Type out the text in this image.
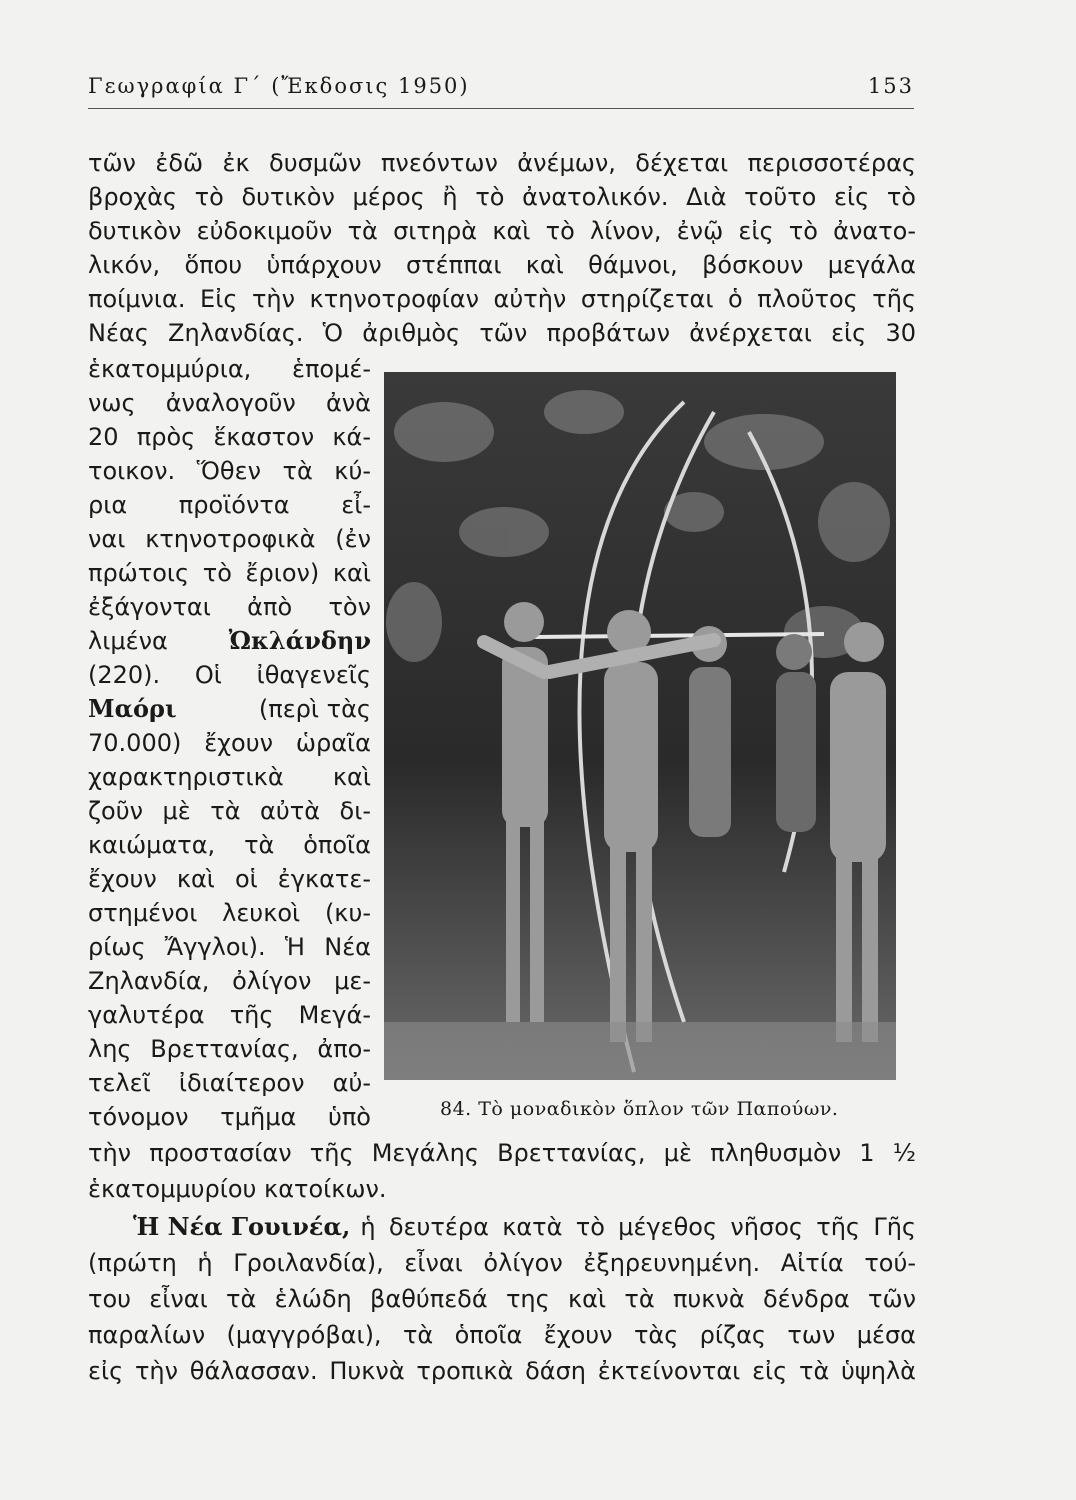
Γεωγραφία Γ΄ (Ἔκδοσις 1950)	153
τῶν ἐδῶ ἐκ δυσμῶν πνεόντων ἀνέμων, δέχεται περισσοτέρας
βροχὰς τὸ δυτικὸν μέρος ἢ τὸ ἀνατολικόν. Διὰ τοῦτο εἰς τὸ
δυτικὸν εὐδοκιμοῦν τὰ σιτηρὰ καὶ τὸ λίνον, ἐνῷ εἰς τὸ ἀνατο-
λικόν, ὅπου ὑπάρχουν στέππαι καὶ θάμνοι, βόσκουν μεγάλα
ποίμνια. Εἰς τὴν κτηνοτροφίαν αὐτὴν στηρίζεται ὁ πλοῦτος τῆς
Νέας Ζηλανδίας. Ὁ ἀριθμὸς τῶν προβάτων ἀνέρχεται εἰς 30
ἑκατομμύρια, ἑπομέ-
νως ἀναλογοῦν ἀνὰ
20 πρὸς ἕκαστον κά-
τοικον. Ὅθεν τὰ κύ-
ρια προϊόντα εἶ-
ναι κτηνοτροφικὰ (ἐν
πρώτοις τὸ ἔριον) καὶ
ἐξάγονται ἀπὸ τὸν
λιμένα	Ὠκλάνδην
(220). Οἱ ἰθαγενεῖς
Μαόρι	(περὶ τὰς
70.000) ἔχουν ὡραῖα
χαρακτηριστικὰ καὶ
ζοῦν μὲ τὰ αὐτὰ δι-
καιώματα, τὰ ὁποῖα
ἔχουν καὶ οἱ ἐγκατε-
στημένοι λευκοὶ (κυ-
ρίως Ἄγγλοι). Ἡ Νέα
Ζηλανδία, ὀλίγον με-
γαλυτέρα τῆς Μεγά-
λης Βρεττανίας, ἀπο-
τελεῖ ἰδιαίτερον αὐ-
τόνομον τμῆμα ὑπὸ	84. Τὸ μοναδικὸν ὅπλον τῶν Παπούων.
τὴν προστασίαν τῆς Μεγάλης Βρεττανίας, μὲ πληθυσμὸν 1 ½
ἑκατομμυρίου κατοίκων.
Ἡ Νέα Γουινέα, ἡ δευτέρα κατὰ τὸ μέγεθος νῆσος τῆς Γῆς
(πρώτη ἡ Γροιλανδία), εἶναι ὀλίγον ἐξηρευνημένη. Αἰτία τού-
του εἶναι τὰ ἑλώδη βαθύπεδά της καὶ τὰ πυκνὰ δένδρα τῶν
παραλίων (μαγγρόβαι), τὰ ὁποῖα ἔχουν τὰς ρίζας των μέσα
εἰς τὴν θάλασσαν. Πυκνὰ τροπικὰ δάση ἐκτείνονται εἰς τὰ ὑψηλὰ
